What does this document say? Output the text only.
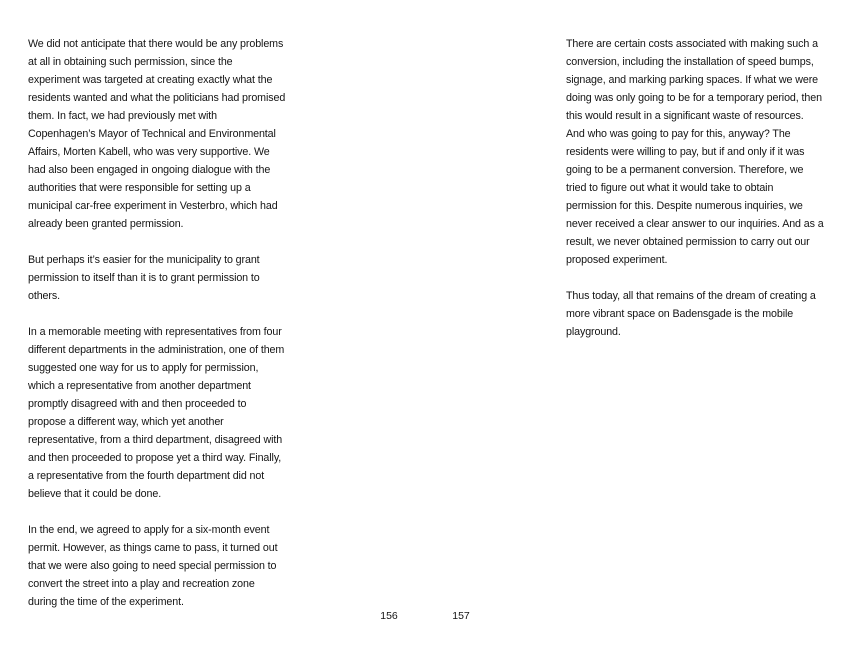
We did not anticipate that there would be any problems at all in obtaining such permission, since the experiment was targeted at creating exactly what the residents wanted and what the politicians had promised them. In fact, we had previously met with Copenhagen’s Mayor of Technical and Environmental Affairs, Morten Kabell, who was very supportive. We had also been engaged in ongoing dialogue with the authorities that were responsible for setting up a municipal car-free experiment in Vesterbro, which had already been granted permission.

But perhaps it’s easier for the municipality to grant permission to itself than it is to grant permission to others.

In a memorable meeting with representatives from four different departments in the administration, one of them suggested one way for us to apply for permission, which a representative from another department promptly disagreed with and then proceeded to propose a different way, which yet another representative, from a third department, disagreed with and then proceeded to propose yet a third way. Finally, a representative from the fourth department did not believe that it could be done.

In the end, we agreed to apply for a six-month event permit. However, as things came to pass, it turned out that we were also going to need special permission to convert the street into a play and recreation zone during the time of the experiment.

156

There are certain costs associated with making such a conversion, including the installation of speed bumps, signage, and marking parking spaces. If what we were doing was only going to be for a temporary period, then this would result in a significant waste of resources. And who was going to pay for this, anyway? The residents were willing to pay, but if and only if it was going to be a permanent conversion. Therefore, we tried to figure out what it would take to obtain permission for this. Despite numerous inquiries, we never received a clear answer to our inquiries. And as a result, we never obtained permission to carry out our proposed experiment.

Thus today, all that remains of the dream of creating a more vibrant space on Badensgade is the mobile playground.

157
